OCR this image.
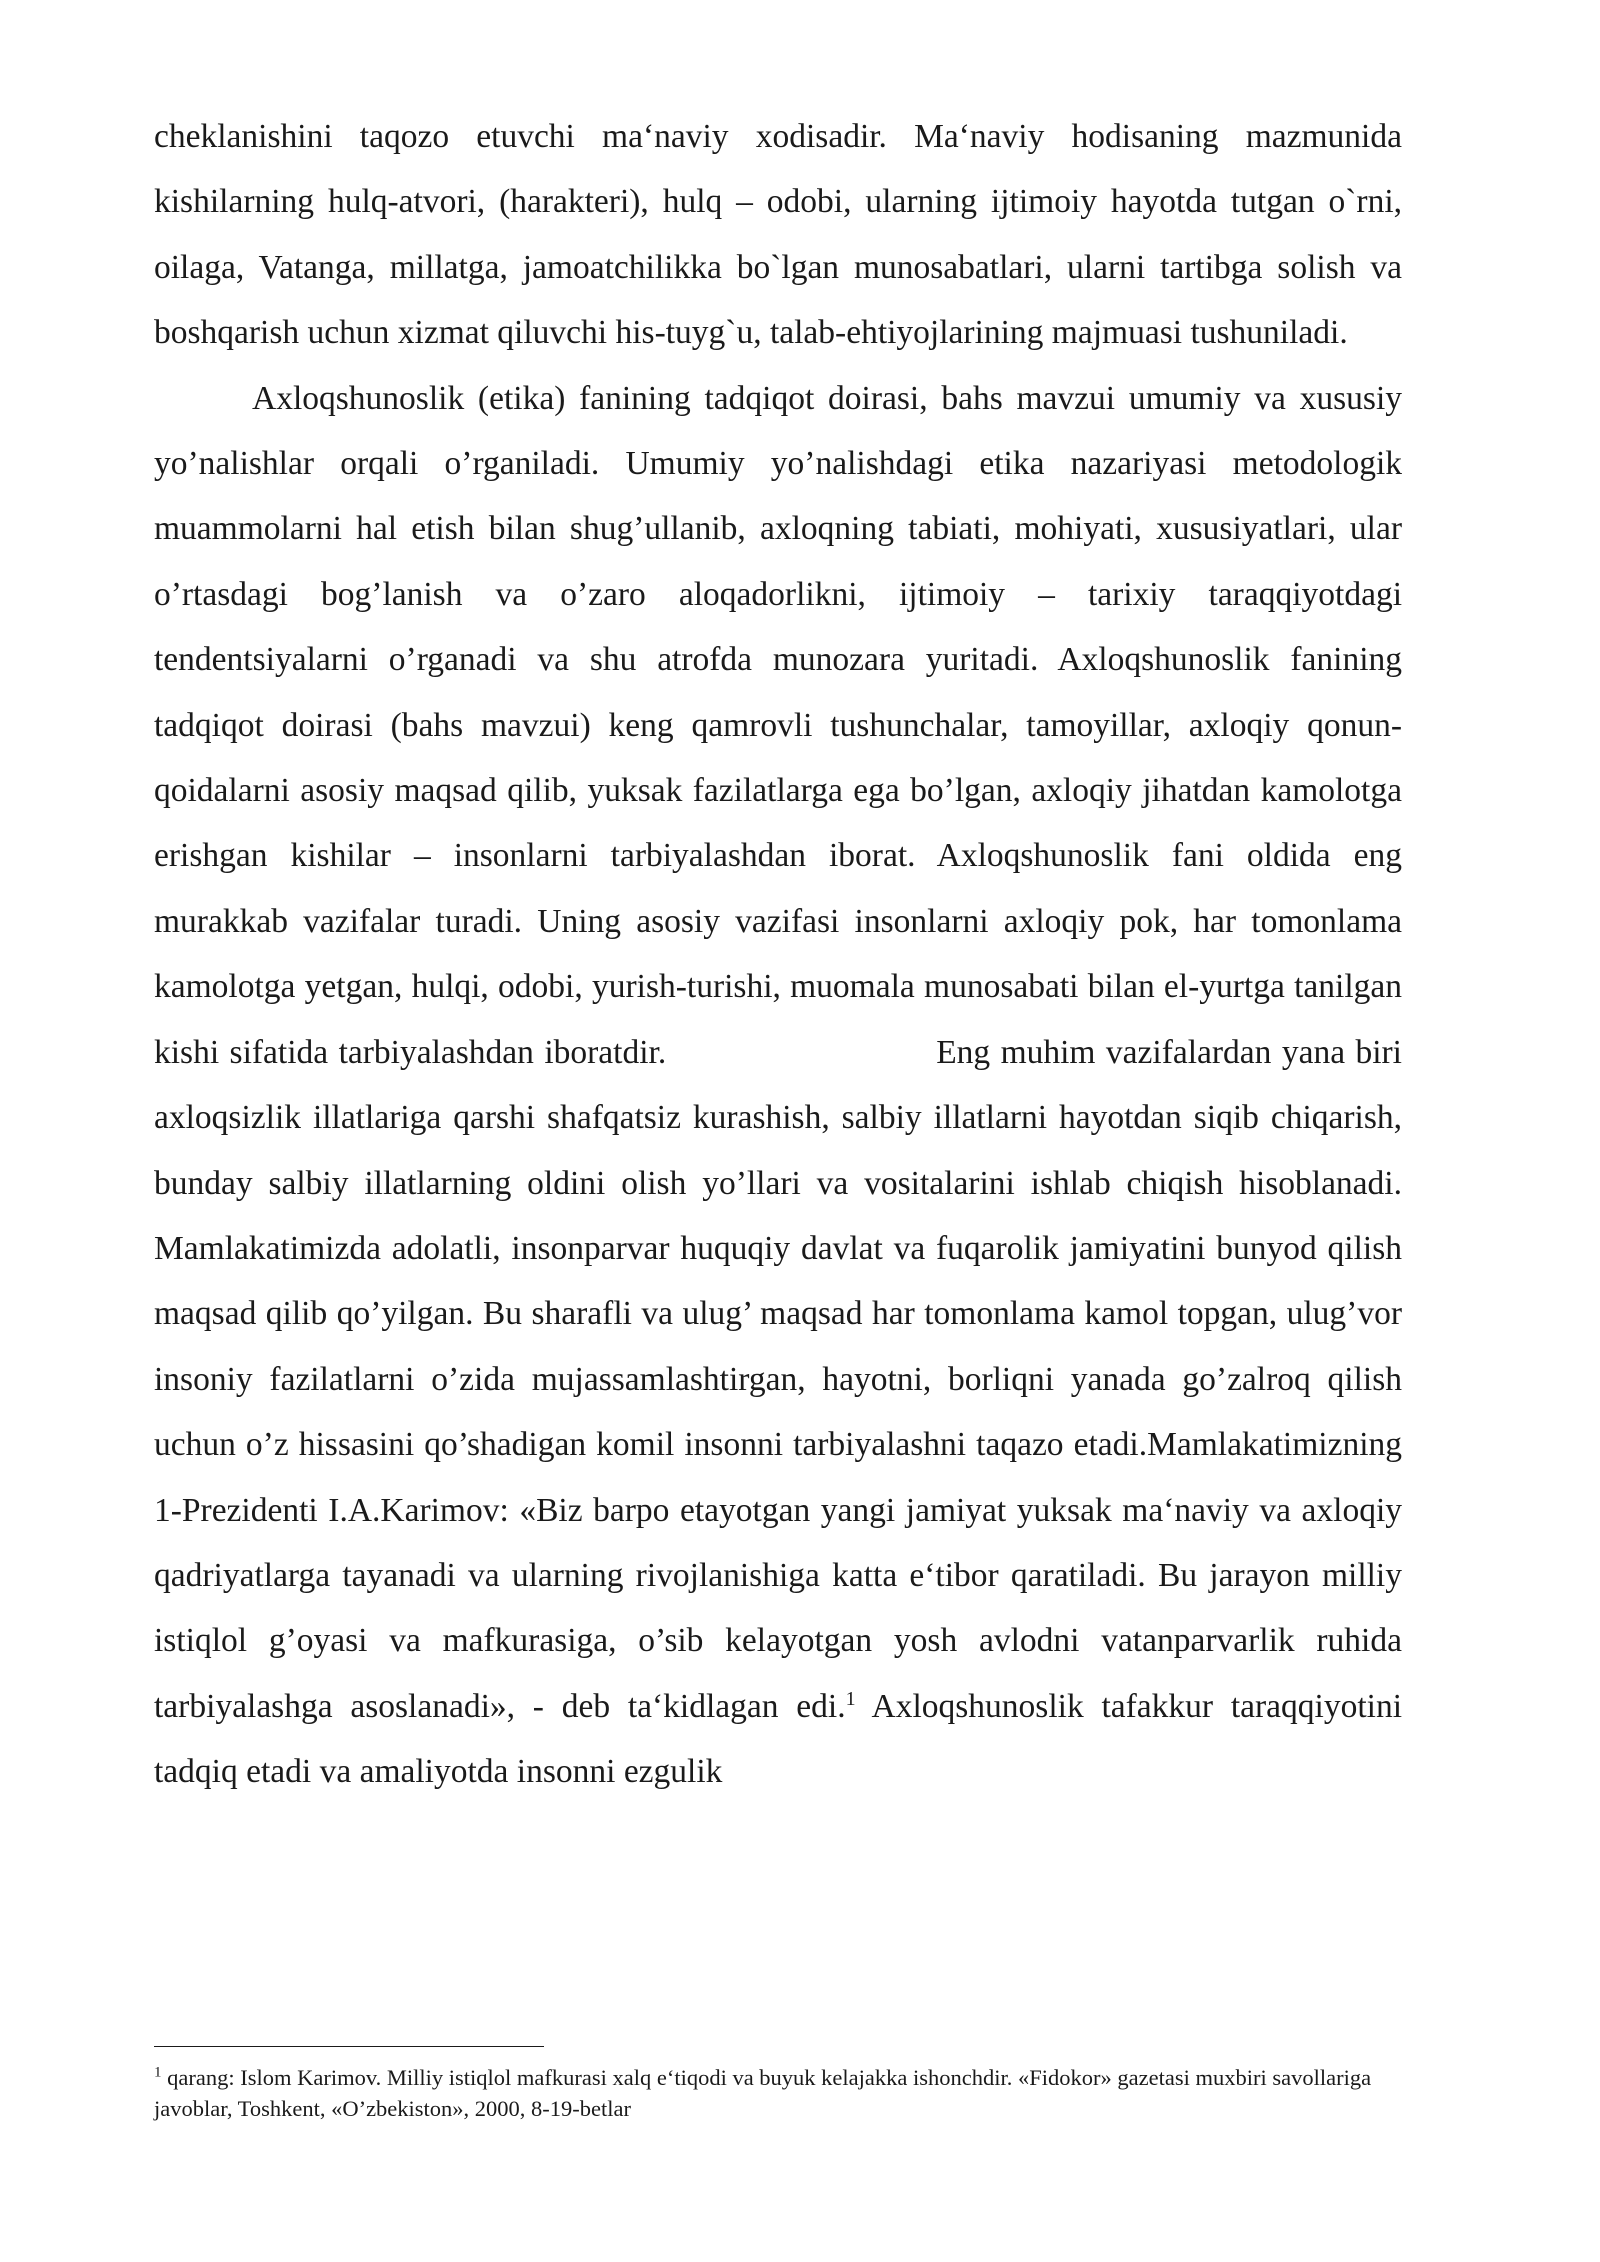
cheklanishini taqozo etuvchi ma‘naviy xodisadir. Ma‘naviy hodisaning mazmunida kishilarning hulq-atvori, (harakteri), hulq – odobi, ularning ijtimoiy hayotda tutgan o`rni, oilaga, Vatanga, millatga, jamoatchilikka bo`lgan munosabatlari, ularni tartibga solish va boshqarish uchun xizmat qiluvchi his-tuyg`u, talab-ehtiyojlarining majmuasi tushuniladi.

Axloqshunoslik (etika) fanining tadqiqot doirasi, bahs mavzui umumiy va xususiy yo’nalishlar orqali o’rganiladi. Umumiy yo’nalishdagi etika nazariyasi metodologik muammolarni hal etish bilan shug’ullanib, axloqning tabiati, mohiyati, xususiyatlari, ular o’rtasdagi bog’lanish va o’zaro aloqadorlikni, ijtimoiy – tarixiy taraqqiyotdagi tendentsiyalarni o’rganadi va shu atrofda munozara yuritadi. Axloqshunoslik fanining tadqiqot doirasi (bahs mavzui) keng qamrovli tushunchalar, tamoyillar, axloqiy qonun-qoidalarni asosiy maqsad qilib, yuksak fazilatlarga ega bo’lgan, axloqiy jihatdan kamolotga erishgan kishilar – insonlarni tarbiyalashdan iborat. Axloqshunoslik fani oldida eng murakkab vazifalar turadi. Uning asosiy vazifasi insonlarni axloqiy pok, har tomonlama kamolotga yetgan, hulqi, odobi, yurish-turishi, muomala munosabati bilan el-yurtga tanilgan kishi sifatida tarbiyalashdan iboratdir.	Eng muhim vazifalardan yana biri axloqsizlik illatlariga qarshi shafqatsiz kurashish, salbiy illatlarni hayotdan siqib chiqarish, bunday salbiy illatlarning oldini olish yo’llari va vositalarini ishlab chiqish hisoblanadi. Mamlakatimizda adolatli, insonparvar huquqiy davlat va fuqarolik jamiyatini bunyod qilish maqsad qilib qo’yilgan. Bu sharafli va ulug’ maqsad har tomonlama kamol topgan, ulug’vor insoniy fazilatlarni o’zida mujassamlashtirgan, hayotni, borliqni yanada go’zalroq qilish uchun o’z hissasini qo’shadigan komil insonni tarbiyalashni taqazo etadi.Mamlakatimizning 1-Prezidenti I.A.Karimov: «Biz barpo etayotgan yangi jamiyat yuksak ma‘naviy va axloqiy qadriyatlarga tayanadi va ularning rivojlanishiga katta e‘tibor qaratiladi. Bu jarayon milliy istiqlol g’oyasi va mafkurasiga, o’sib kelayotgan yosh avlodni vatanparvarlik ruhida tarbiyalashga asoslanadi», - deb ta‘kidlagan edi.$^1$ Axloqshunoslik tafakkur taraqqiyotini tadqiq etadi va amaliyotda insonni ezgulik

$^1$ qarang: Islom Karimov. Milliy istiqlol mafkurasi xalq e‘tiqodi va buyuk kelajakka ishonchdir. «Fidokor» gazetasi muxbiri savollariga javoblar, Toshkent, «O’zbekiston», 2000, 8-19-betlar
